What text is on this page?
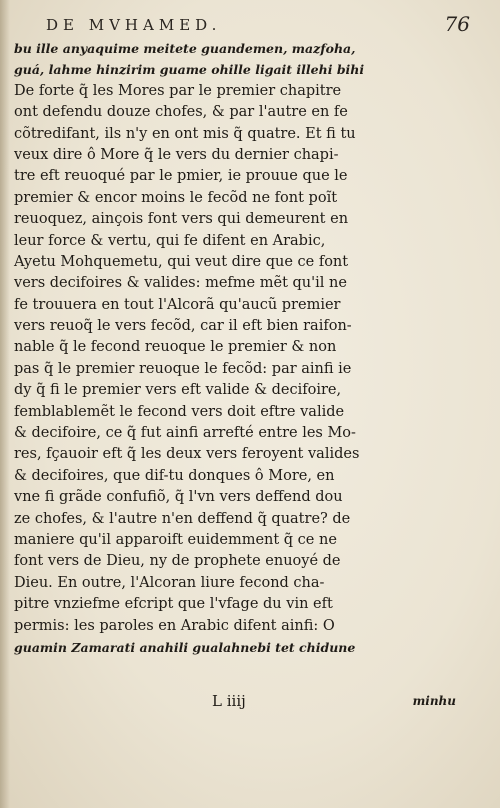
DE MVHAMED.	76
bu ille anyaquime meitete guandemen, mazfoha,
guá, lahme hinzirim guame ohille ligait illehi bihi
De forte q̃ les Mores par le premier chapitre
ont defendu douze chofes, & par l'autre en fe
cõtredifant, ils n'y en ont mis q̃ quatre. Et fi tu
veux dire ô More q̃ le vers du dernier chapi-
tre eft reuoqué par le pmier, ie prouue que le
premier & encor moins le fecõd ne font poĩt
reuoquez, ainçois font vers qui demeurent en
leur force & vertu, qui fe difent en Arabic,
Ayetu Mohquemetu, qui veut dire que ce font
vers decifoires & valides: mefme mẽt qu'il ne
fe trouuera en tout l'Alcorã qu'aucũ premier
vers reuoq̃ le vers fecõd, car il eft bien raifon-
nable q̃ le fecond reuoque le premier & non
pas q̃ le premier reuoque le fecõd: par ainfi ie
dy q̃ fi le premier vers eft valide & decifoire,
femblablemẽt le fecond vers doit eftre valide
& decifoire, ce q̃ fut ainfi arrefté entre les Mo-
res, fçauoir eft q̃ les deux vers feroyent valides
& decifoires, que dif-tu donques ô More, en
vne fi grãde confufiõ, q̃ l'vn vers deffend dou
ze chofes, & l'autre n'en deffend q̃ quatre? de
maniere qu'il apparoift euidemment q̃ ce ne
font vers de Dieu, ny de prophete enuoyé de
Dieu. En outre, l'Alcoran liure fecond cha-
pitre vnziefme efcript que l'vfage du vin eft
permis: les paroles en Arabic difent ainfi: O
guamin Zamarati anahili gualahnebi tet chidune
L iiij	minhu
